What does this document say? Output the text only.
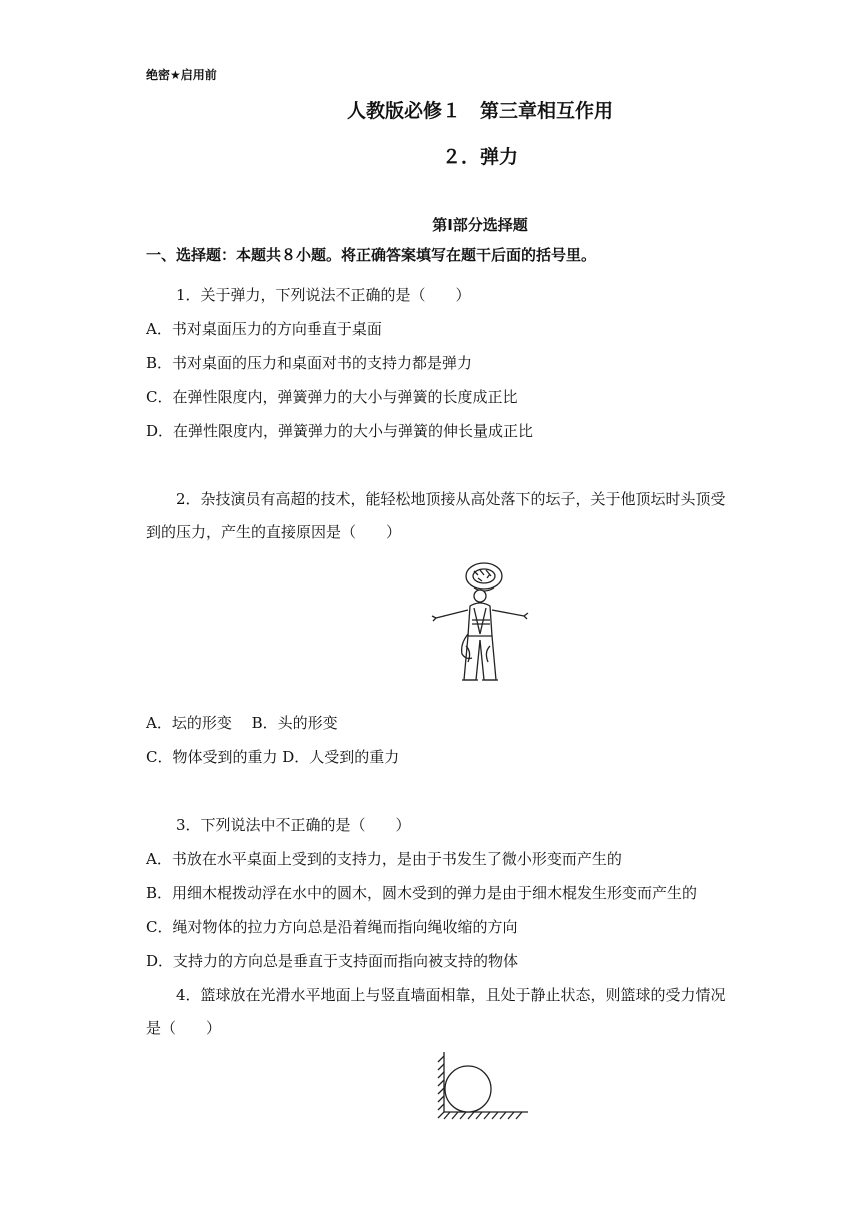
绝密★启用前
人教版必修１　第三章相互作用
２．弹力
第Ⅰ部分选择题
一、选择题：本题共８小题。将正确答案填写在题干后面的括号里。
1．关于弹力，下列说法不正确的是（　　）
A．书对桌面压力的方向垂直于桌面
B．书对桌面的压力和桌面对书的支持力都是弹力
C．在弹性限度内，弹簧弹力的大小与弹簧的长度成正比
D．在弹性限度内，弹簧弹力的大小与弹簧的伸长量成正比
2．杂技演员有高超的技术，能轻松地顶接从高处落下的坛子，关于他顶坛时头顶受
到的压力，产生的直接原因是（　　）
A．坛的形变　 B．头的形变
C．物体受到的重力 D．人受到的重力
3．下列说法中不正确的是（　　）
A．书放在水平桌面上受到的支持力，是由于书发生了微小形变而产生的
B．用细木棍拨动浮在水中的圆木，圆木受到的弹力是由于细木棍发生形变而产生的
C．绳对物体的拉力方向总是沿着绳而指向绳收缩的方向
D．支持力的方向总是垂直于支持面而指向被支持的物体
4．篮球放在光滑水平地面上与竖直墙面相靠，且处于静止状态，则篮球的受力情况
是（　　）
